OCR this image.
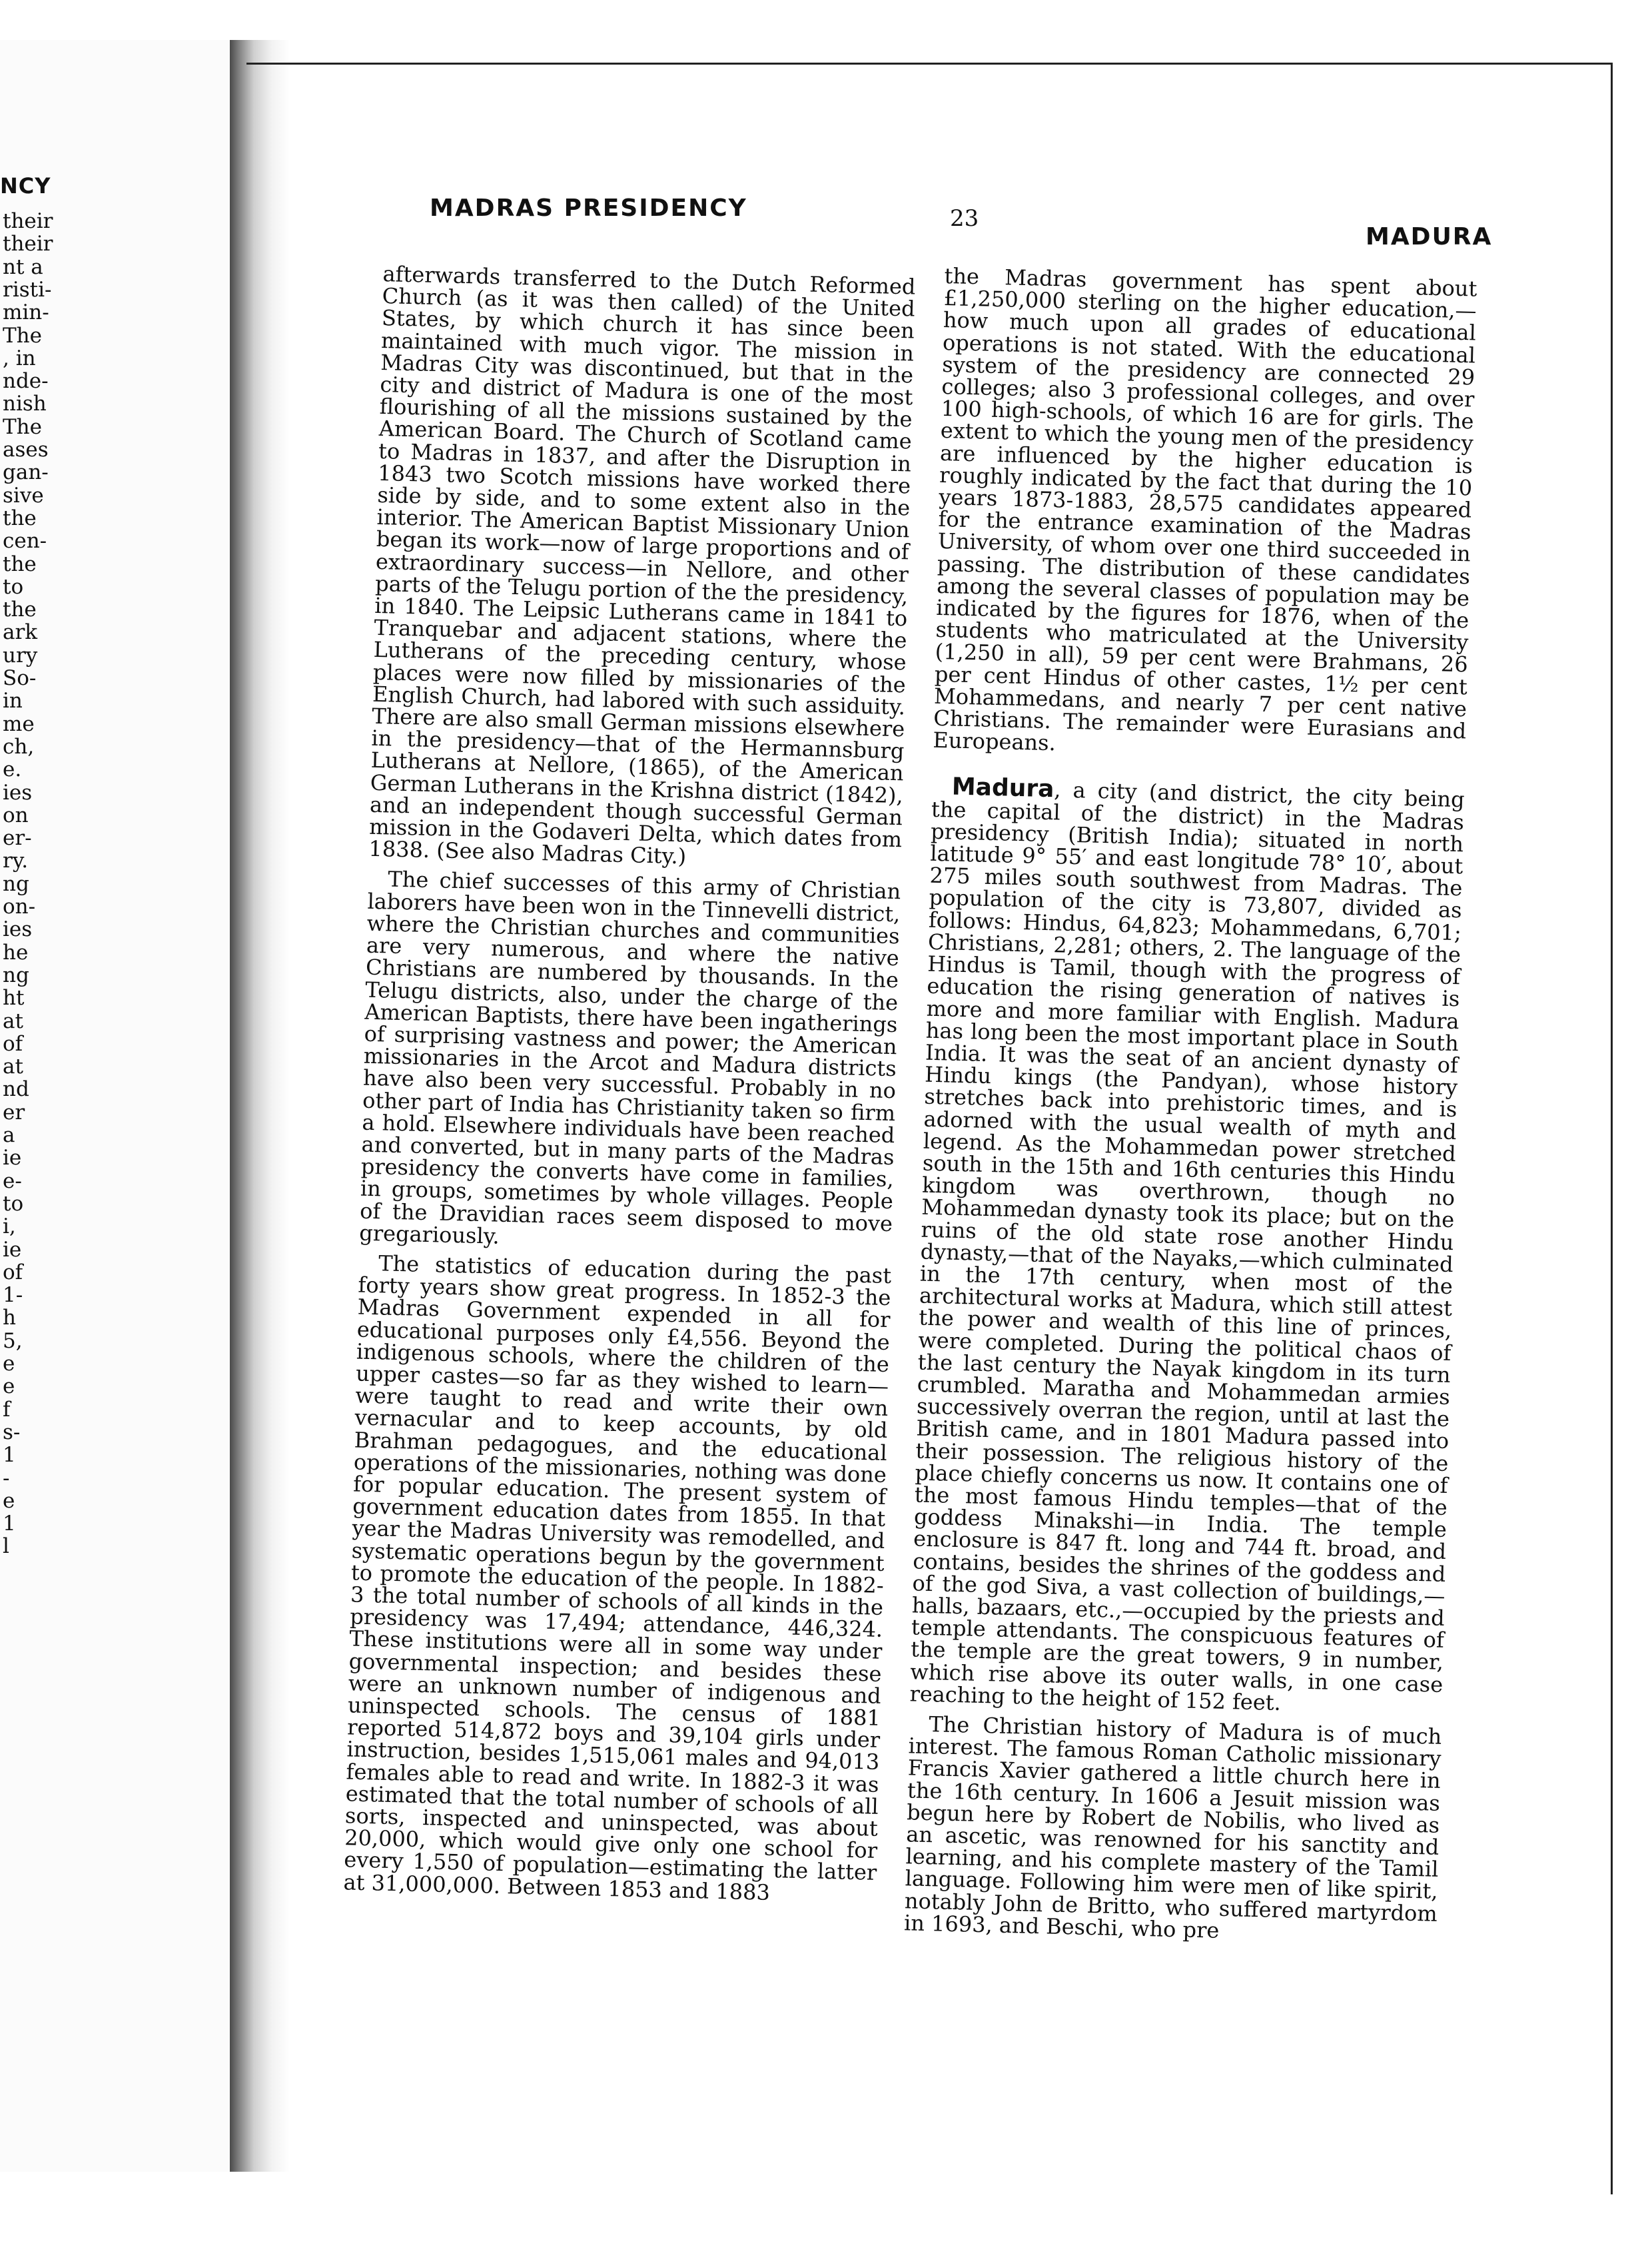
NCY
their
their
nt a
risti-
min-
The
, in
nde-
nish
The
ases
gan-
sive
the
cen-
the
to
the
ark
ury
So-
in
me
ch,
e.
ies
on
er-
ry.
ng
on-
ies
he
ng
ht
at
of
at
nd
er
a
ie
e-
to
i,
ie
of
1-
h
5,
e
e
f
s-
1
-
e
1
l
MADRAS PRESIDENCY	23
MADURA

afterwards transferred to the Dutch Reformed Church (as it was then called) of the United States, by which church it has since been maintained with much vigor. The mission in Madras City was discontinued, but that in the city and district of Madura is one of the most flourishing of all the missions sustained by the American Board. The Church of Scotland came to Madras in 1837, and after the Disruption in 1843 two Scotch missions have worked there side by side, and to some extent also in the interior. The American Baptist Missionary Union began its work—now of large proportions and of extraordinary success—in Nellore, and other parts of the Telugu portion of the the presidency, in 1840. The Leipsic Lutherans came in 1841 to Tranquebar and adjacent stations, where the Lutherans of the preceding century, whose places were now filled by missionaries of the English Church, had labored with such assiduity. There are also small German missions elsewhere in the presidency—that of the Hermannsburg Lutherans at Nellore, (1865), of the American German Lutherans in the Krishna district (1842), and an independent though successful German mission in the Godaveri Delta, which dates from 1838. (See also Madras City.)

The chief successes of this army of Christian laborers have been won in the Tinnevelli district, where the Christian churches and communities are very numerous, and where the native Christians are numbered by thousands. In the Telugu districts, also, under the charge of the American Baptists, there have been ingatherings of surprising vastness and power; the American missionaries in the Arcot and Madura districts have also been very successful. Probably in no other part of India has Christianity taken so firm a hold. Elsewhere individuals have been reached and converted, but in many parts of the Madras presidency the converts have come in families, in groups, sometimes by whole villages. People of the Dravidian races seem disposed to move gregariously.

The statistics of education during the past forty years show great progress. In 1852-3 the Madras Government expended in all for educational purposes only £4,556. Beyond the indigenous schools, where the children of the upper castes—so far as they wished to learn—were taught to read and write their own vernacular and to keep accounts, by old Brahman pedagogues, and the educational operations of the missionaries, nothing was done for popular education. The present system of government education dates from 1855. In that year the Madras University was remodelled, and systematic operations begun by the government to promote the education of the people. In 1882-3 the total number of schools of all kinds in the presidency was 17,494; attendance, 446,324. These institutions were all in some way under governmental inspection; and besides these were an unknown number of indigenous and uninspected schools. The census of 1881 reported 514,872 boys and 39,104 girls under instruction, besides 1,515,061 males and 94,013 females able to read and write. In 1882-3 it was estimated that the total number of schools of all sorts, inspected and uninspected, was about 20,000, which would give only one school for every 1,550 of population—estimating the latter at 31,000,000. Between 1853 and 1883

the Madras government has spent about £1,250,000 sterling on the higher education,—how much upon all grades of educational operations is not stated. With the educational system of the presidency are connected 29 colleges; also 3 professional colleges, and over 100 high-schools, of which 16 are for girls. The extent to which the young men of the presidency are influenced by the higher education is roughly indicated by the fact that during the 10 years 1873-1883, 28,575 candidates appeared for the entrance examination of the Madras University, of whom over one third succeeded in passing. The distribution of these candidates among the several classes of population may be indicated by the figures for 1876, when of the students who matriculated at the University (1,250 in all), 59 per cent were Brahmans, 26 per cent Hindus of other castes, 1½ per cent Mohammedans, and nearly 7 per cent native Christians. The remainder were Eurasians and Europeans.

Madura, a city (and district, the city being the capital of the district) in the Madras presidency (British India); situated in north latitude 9° 55′ and east longitude 78° 10′, about 275 miles south southwest from Madras. The population of the city is 73,807, divided as follows: Hindus, 64,823; Mohammedans, 6,701; Christians, 2,281; others, 2. The language of the Hindus is Tamil, though with the progress of education the rising generation of natives is more and more familiar with English. Madura has long been the most important place in South India. It was the seat of an ancient dynasty of Hindu kings (the Pandyan), whose history stretches back into prehistoric times, and is adorned with the usual wealth of myth and legend. As the Mohammedan power stretched south in the 15th and 16th centuries this Hindu kingdom was overthrown, though no Mohammedan dynasty took its place; but on the ruins of the old state rose another Hindu dynasty,—that of the Nayaks,—which culminated in the 17th century, when most of the architectural works at Madura, which still attest the power and wealth of this line of princes, were completed. During the political chaos of the last century the Nayak kingdom in its turn crumbled. Maratha and Mohammedan armies successively overran the region, until at last the British came, and in 1801 Madura passed into their possession. The religious history of the place chiefly concerns us now. It contains one of the most famous Hindu temples—that of the goddess Minakshi—in India. The temple enclosure is 847 ft. long and 744 ft. broad, and contains, besides the shrines of the goddess and of the god Siva, a vast collection of buildings,—halls, bazaars, etc.,—occupied by the priests and temple attendants. The conspicuous features of the temple are the great towers, 9 in number, which rise above its outer walls, in one case reaching to the height of 152 feet.

The Christian history of Madura is of much interest. The famous Roman Catholic missionary Francis Xavier gathered a little church here in the 16th century. In 1606 a Jesuit mission was begun here by Robert de Nobilis, who lived as an ascetic, was renowned for his sanctity and learning, and his complete mastery of the Tamil language. Following him were men of like spirit, notably John de Britto, who suffered martyrdom in 1693, and Beschi, who pre
